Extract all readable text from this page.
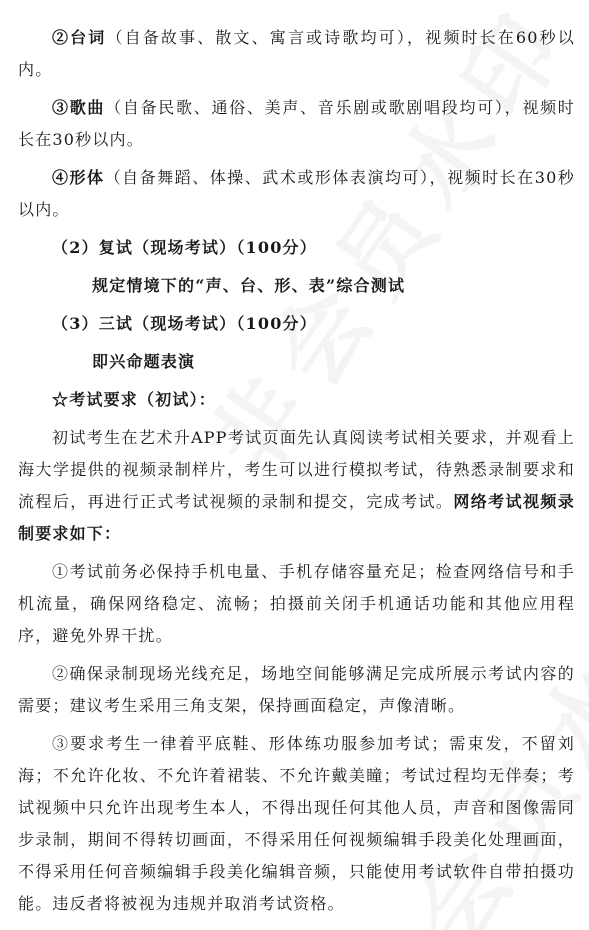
②台词（自备故事、散文、寓言或诗歌均可），视频时长在60秒以内。

③歌曲（自备民歌、通俗、美声、音乐剧或歌剧唱段均可），视频时长在30秒以内。

④形体（自备舞蹈、体操、武术或形体表演均可），视频时长在30秒以内。

（2）复试（现场考试）（100分）

规定情境下的“声、台、形、表”综合测试

（3）三试（现场考试）（100分）

即兴命题表演

☆考试要求（初试）：

初试考生在艺术升APP考试页面先认真阅读考试相关要求，并观看上海大学提供的视频录制样片，考生可以进行模拟考试，待熟悉录制要求和流程后，再进行正式考试视频的录制和提交，完成考试。网络考试视频录制要求如下：

①考试前务必保持手机电量、手机存储容量充足；检查网络信号和手机流量，确保网络稳定、流畅；拍摄前关闭手机通话功能和其他应用程序，避免外界干扰。

②确保录制现场光线充足，场地空间能够满足完成所展示考试内容的需要；建议考生采用三角支架，保持画面稳定，声像清晰。

③要求考生一律着平底鞋、形体练功服参加考试；需束发，不留刘海；不允许化妆、不允许着裙装、不允许戴美瞳；考试过程均无伴奏；考试视频中只允许出现考生本人，不得出现任何其他人员，声音和图像需同步录制，期间不得转切画面，不得采用任何视频编辑手段美化处理画面，不得采用任何音频编辑手段美化编辑音频，只能使用考试软件自带拍摄功能。违反者将被视为违规并取消考试资格。
